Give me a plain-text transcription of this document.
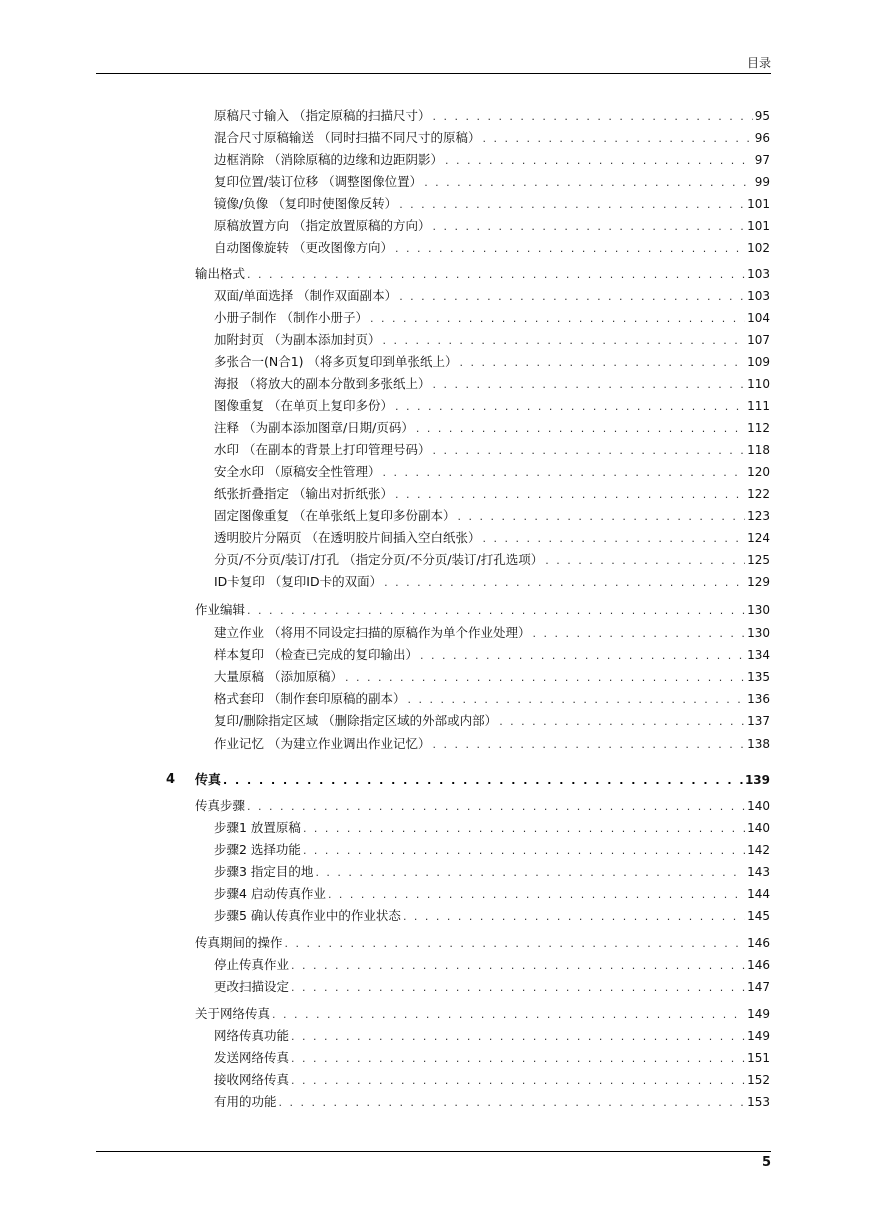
目录
原稿尺寸输入 （指定原稿的扫描尺寸） . . .	95
混合尺寸原稿输送 （同时扫描不同尺寸的原稿） . . .	96
边框消除 （消除原稿的边缘和边距阴影） . . .	97
复印位置/装订位移 （调整图像位置） . . .	99
镜像/负像 （复印时使图像反转） . . .	101
原稿放置方向 （指定放置原稿的方向） . . .	101
自动图像旋转 （更改图像方向） . . .	102
输出格式 . . .	103
双面/单面选择 （制作双面副本） . . .	103
小册子制作 （制作小册子） . . .	104
加附封页 （为副本添加封页） . . .	107
多张合一(N合1) （将多页复印到单张纸上） . . .	109
海报 （将放大的副本分散到多张纸上） . . .	110
图像重复 （在单页上复印多份） . . .	111
注释 （为副本添加图章/日期/页码） . . .	112
水印 （在副本的背景上打印管理号码） . . .	118
安全水印 （原稿安全性管理） . . .	120
纸张折叠指定 （输出对折纸张） . . .	122
固定图像重复 （在单张纸上复印多份副本） . . .	123
透明胶片分隔页 （在透明胶片间插入空白纸张） . . .	124
分页/不分页/装订/打孔 （指定分页/不分页/装订/打孔选项） . . .	125
ID卡复印 （复印ID卡的双面） . . .	129
作业编辑 . . .	130
建立作业 （将用不同设定扫描的原稿作为单个作业处理） . . .	130
样本复印 （检查已完成的复印输出） . . .	134
大量原稿 （添加原稿） . . .	135
格式套印 （制作套印原稿的副本） . . .	136
复印/删除指定区域 （删除指定区域的外部或内部） . . .	137
作业记忆 （为建立作业调出作业记忆） . . .	138
4 传真 . . .	139
传真步骤 . . .	140
步骤1 放置原稿 . . .	140
步骤2 选择功能 . . .	142
步骤3 指定目的地 . . .	143
步骤4 启动传真作业 . . .	144
步骤5 确认传真作业中的作业状态 . . .	145
传真期间的操作 . . .	146
停止传真作业 . . .	146
更改扫描设定 . . .	147
关于网络传真 . . .	149
网络传真功能 . . .	149
发送网络传真 . . .	151
接收网络传真 . . .	152
有用的功能 . . .	153
5
